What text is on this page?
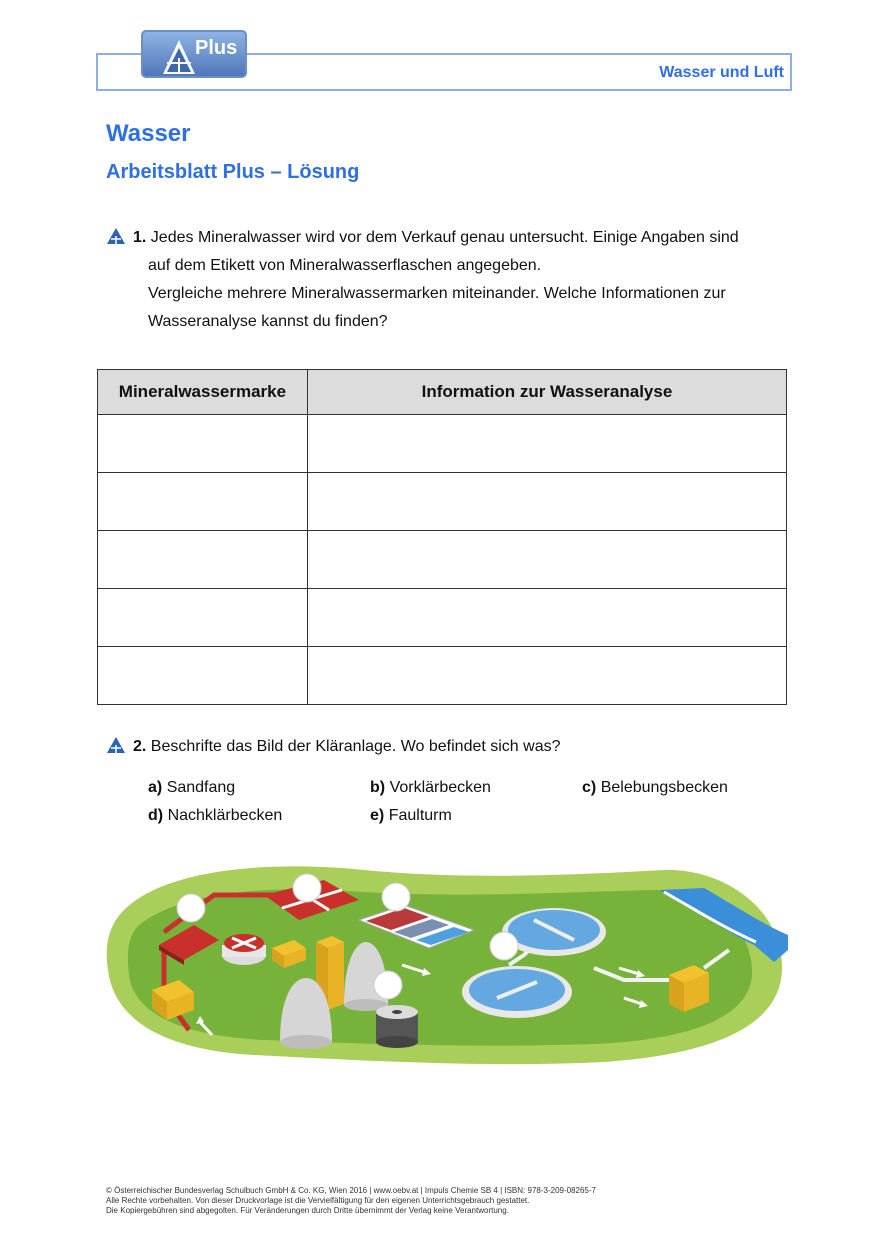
Plus
Wasser und Luft
Wasser
Arbeitsblatt Plus – Lösung
1. Jedes Mineralwasser wird vor dem Verkauf genau untersucht. Einige Angaben sind
auf dem Etikett von Mineralwasserflaschen angegeben.
Vergleiche mehrere Mineralwassermarken miteinander. Welche Informationen zur
Wasseranalyse kannst du finden?
Mineralwassermarke	Information zur Wasseranalyse

2. Beschrifte das Bild der Kläranlage. Wo befindet sich was?
a) Sandfang	b) Vorklärbecken	c) Belebungsbecken
d) Nachklärbecken	e) Faulturm
© Österreichischer Bundesverlag Schulbuch GmbH & Co. KG, Wien 2016 | www.oebv.at | Impuls Chemie SB 4 | ISBN: 978-3-209-08265-7
Alle Rechte vorbehalten. Von dieser Druckvorlage ist die Vervielfältigung für den eigenen Unterrichtsgebrauch gestattet.
Die Kopiergebühren sind abgegolten. Für Veränderungen durch Dritte übernimmt der Verlag keine Verantwortung.
